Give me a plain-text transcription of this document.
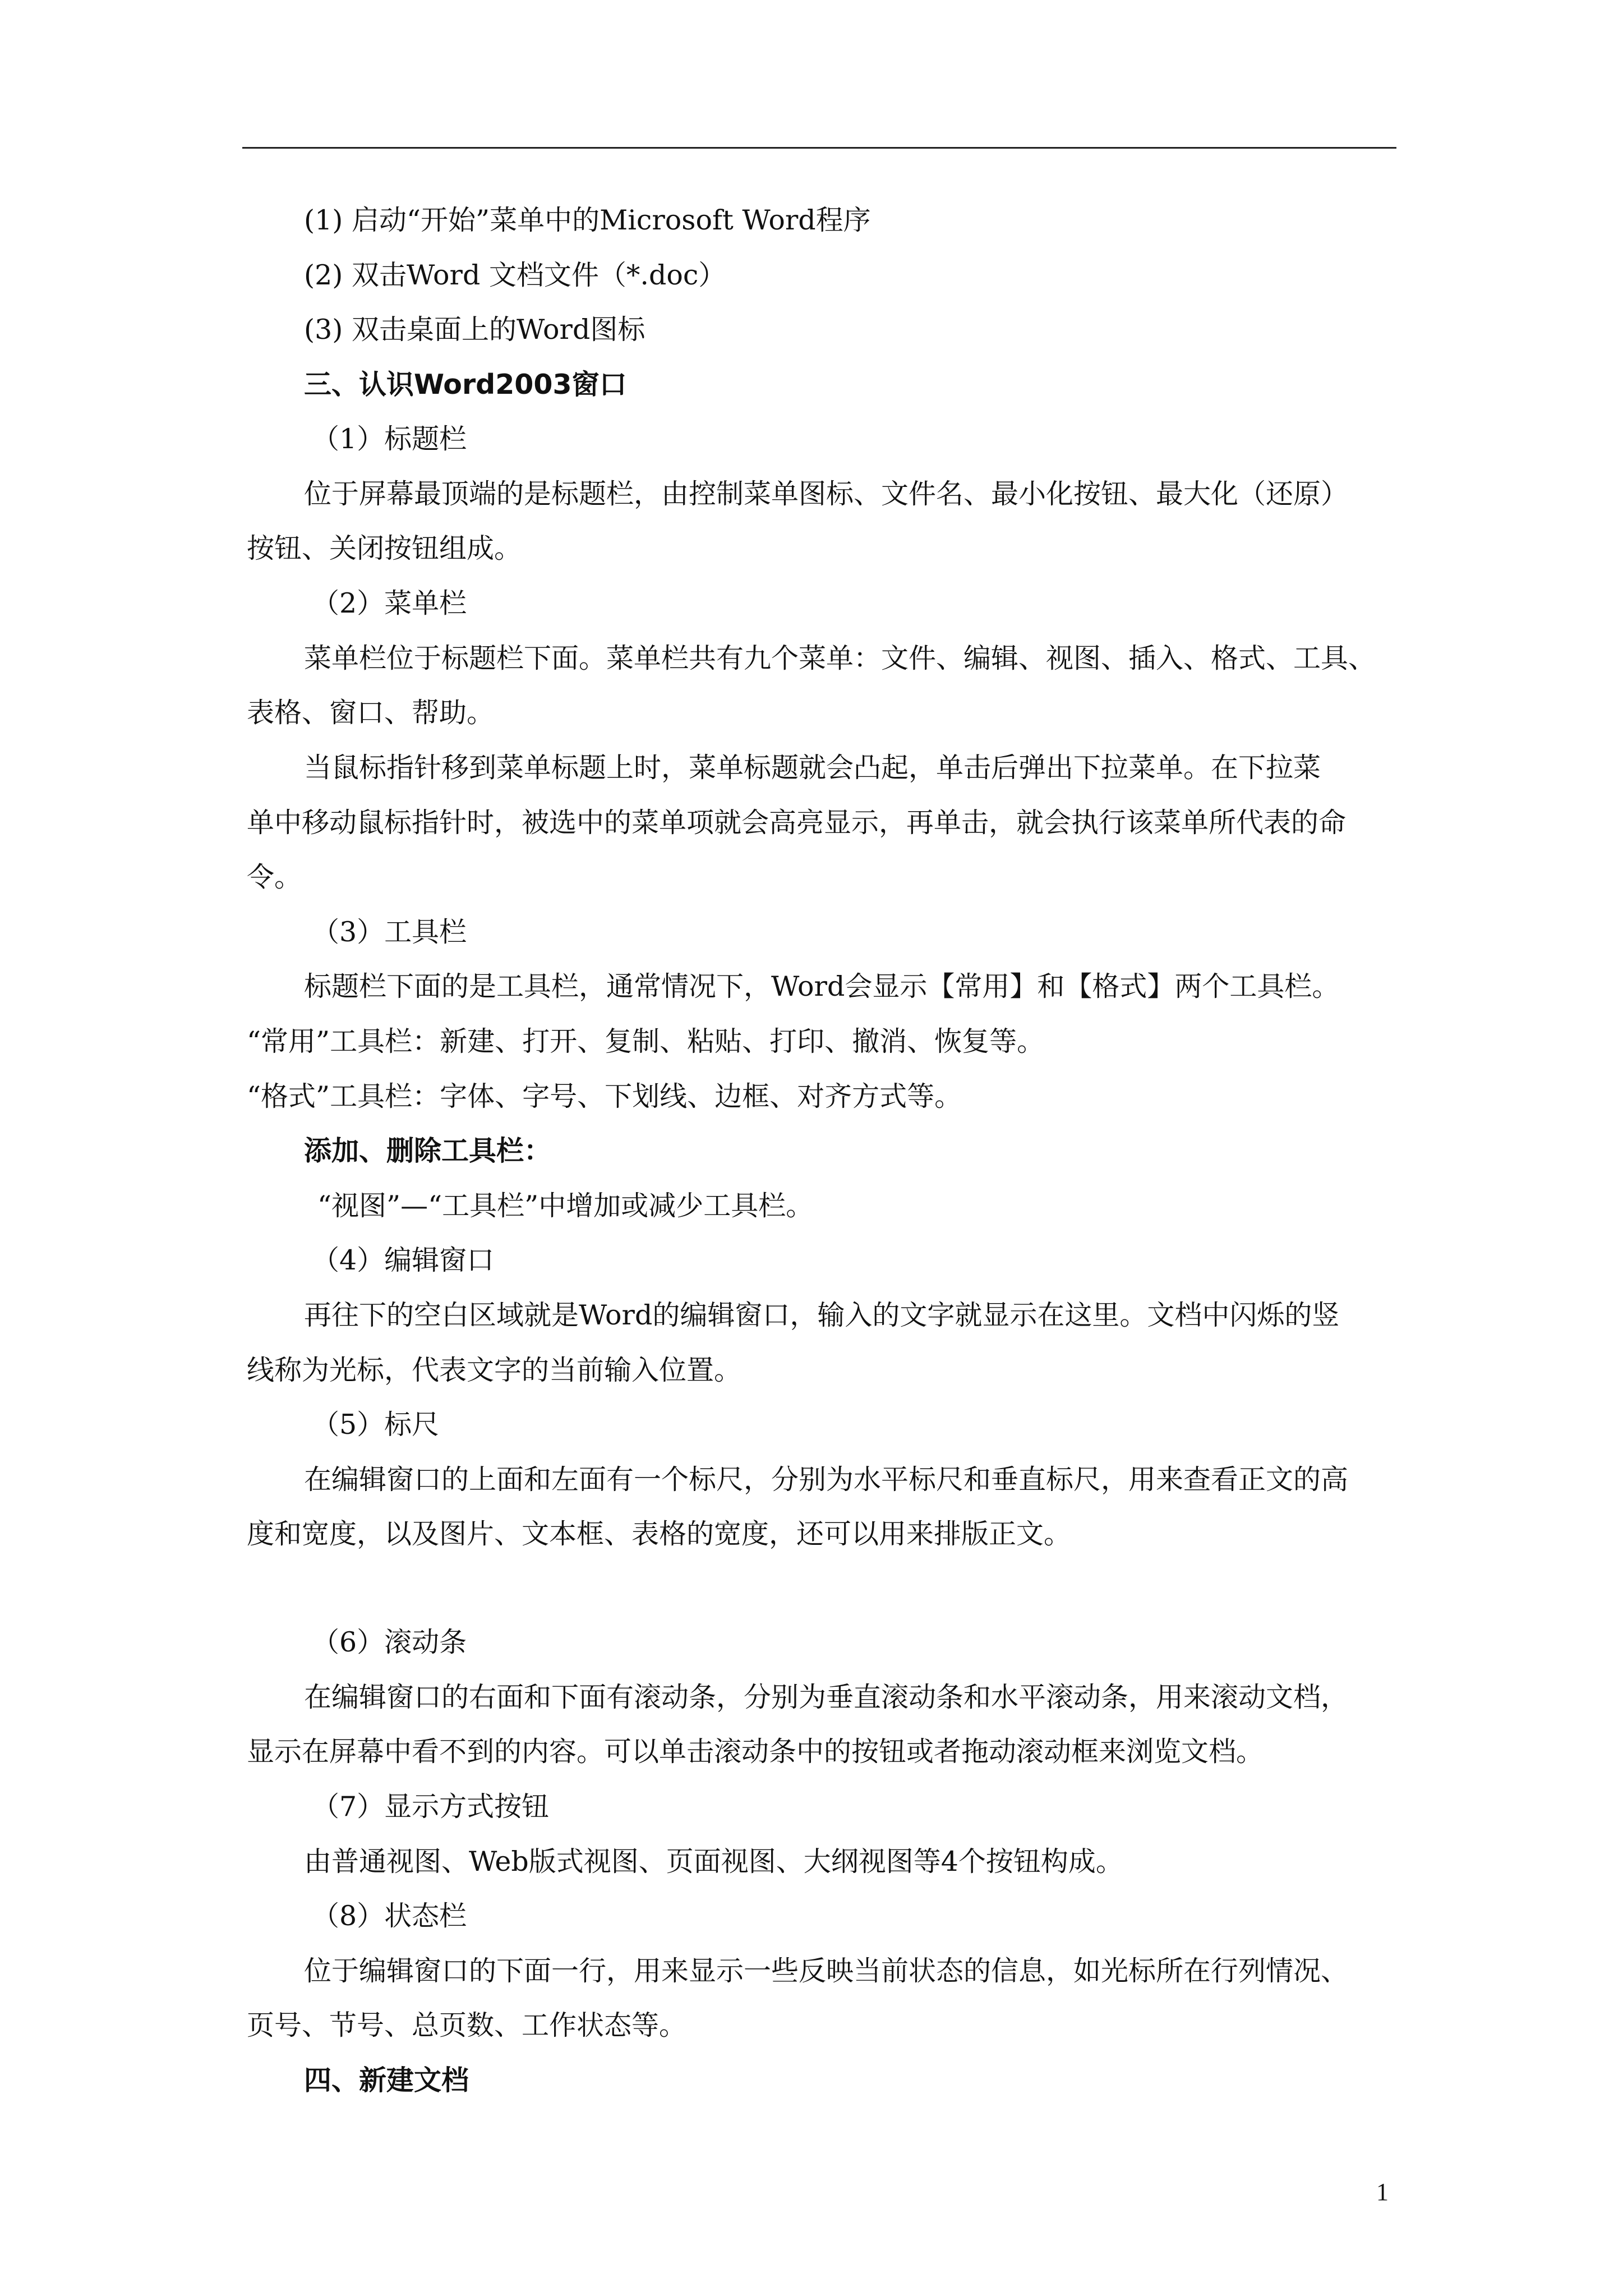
(1) 启动“开始”菜单中的Microsoft Word程序
(2) 双击Word 文档文件（*.doc）
(3) 双击桌面上的Word图标
三、认识Word2003窗口
（1）标题栏
位于屏幕最顶端的是标题栏，由控制菜单图标、文件名、最小化按钮、最大化（还原）
按钮、关闭按钮组成。
（2）菜单栏
菜单栏位于标题栏下面。菜单栏共有九个菜单：文件、编辑、视图、插入、格式、工具、
表格、窗口、帮助。
当鼠标指针移到菜单标题上时，菜单标题就会凸起，单击后弹出下拉菜单。在下拉菜
单中移动鼠标指针时，被选中的菜单项就会高亮显示，再单击，就会执行该菜单所代表的命
令。
（3）工具栏
标题栏下面的是工具栏，通常情况下，Word会显示【常用】和【格式】两个工具栏。
“常用”工具栏：新建、打开、复制、粘贴、打印、撤消、恢复等。
“格式”工具栏：字体、字号、下划线、边框、对齐方式等。
添加、删除工具栏：
“视图”—“工具栏”中增加或减少工具栏。
（4）编辑窗口
再往下的空白区域就是Word的编辑窗口，输入的文字就显示在这里。文档中闪烁的竖
线称为光标，代表文字的当前输入位置。
（5）标尺
在编辑窗口的上面和左面有一个标尺，分别为水平标尺和垂直标尺，用来查看正文的高
度和宽度，以及图片、文本框、表格的宽度，还可以用来排版正文。
（6）滚动条
在编辑窗口的右面和下面有滚动条，分别为垂直滚动条和水平滚动条，用来滚动文档，
显示在屏幕中看不到的内容。可以单击滚动条中的按钮或者拖动滚动框来浏览文档。
（7）显示方式按钮
由普通视图、Web版式视图、页面视图、大纲视图等4个按钮构成。
（8）状态栏
位于编辑窗口的下面一行，用来显示一些反映当前状态的信息，如光标所在行列情况、
页号、节号、总页数、工作状态等。
四、新建文档
1
